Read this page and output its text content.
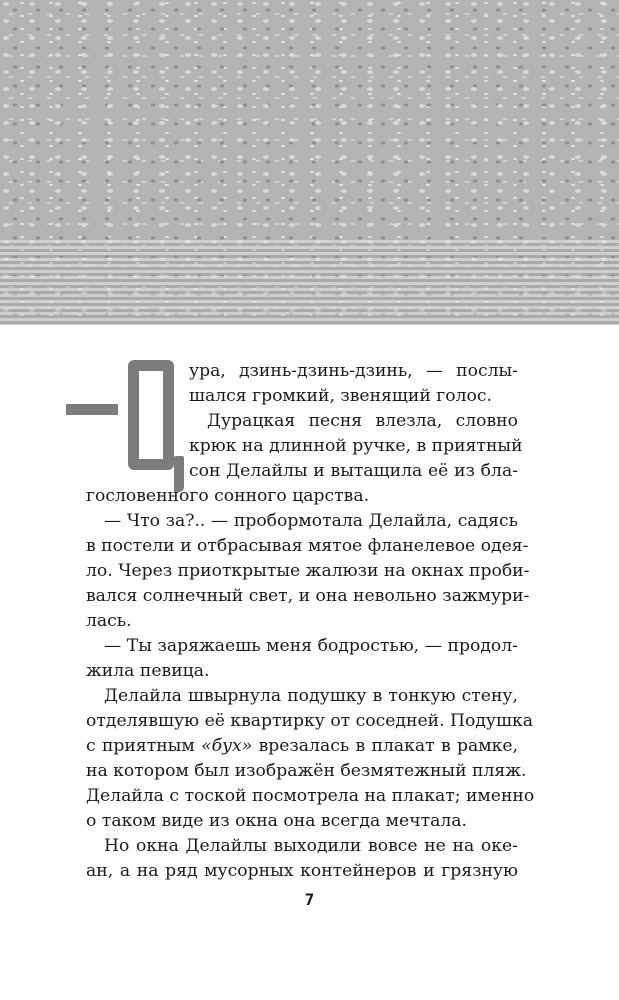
ура, дзинь-дзинь-дзинь, — послы-
шался громкий, звенящий голос.
Дурацкая песня влезла, словно
крюк на длинной ручке, в приятный
сон Делайлы и вытащила её из бла-
гословенного сонного царства.
— Что за?.. — пробормотала Делайла, садясь
в постели и отбрасывая мятое фланелевое одея-
ло. Через приоткрытые жалюзи на окнах проби-
вался солнечный свет, и она невольно зажмури-
лась.
— Ты заряжаешь меня бодростью, — продол-
жила певица.
Делайла швырнула подушку в тонкую стену,
отделявшую её квартирку от соседней. Подушка
с приятным «бух» врезалась в плакат в рамке,
на котором был изображён безмятежный пляж.
Делайла с тоской посмотрела на плакат; именно
о таком виде из окна она всегда мечтала.
Но окна Делайлы выходили вовсе не на оке-
ан, а на ряд мусорных контейнеров и грязную
7
